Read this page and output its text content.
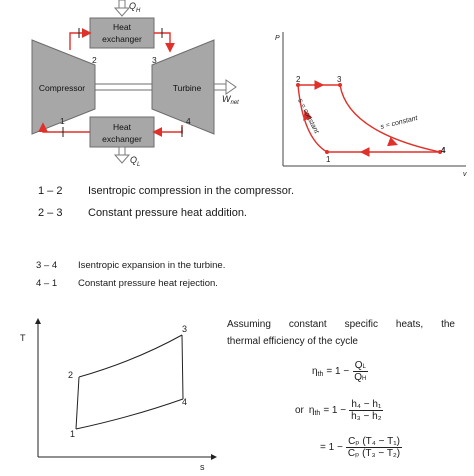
$Q_H$
Heat
exchanger
Compressor	Turbine
$W_{net}$
Heat
exchanger
$Q_L$
2	3
1	4
P
v
2	3
4
1
s = constant	s = constant
1 – 2 Isentropic compression in the compressor.
2 – 3 Constant pressure heat addition.
3 – 4 Isentropic expansion in the turbine.
4 – 1 Constant pressure heat rejection.
T
s
1
2
3
4
Assuming constant specific heats, the
thermal efficiency of the cycle
η th = $1 - \frac{QL}{QH}$
or η th = $1 - \frac{\text{h₄ − h₁}}{\text{h₃ − h₂}}$
= $1 - \frac{\text{Cₚ (T₄ − T₁)}}{\text{Cₚ (T₃ − T₂)}}$
